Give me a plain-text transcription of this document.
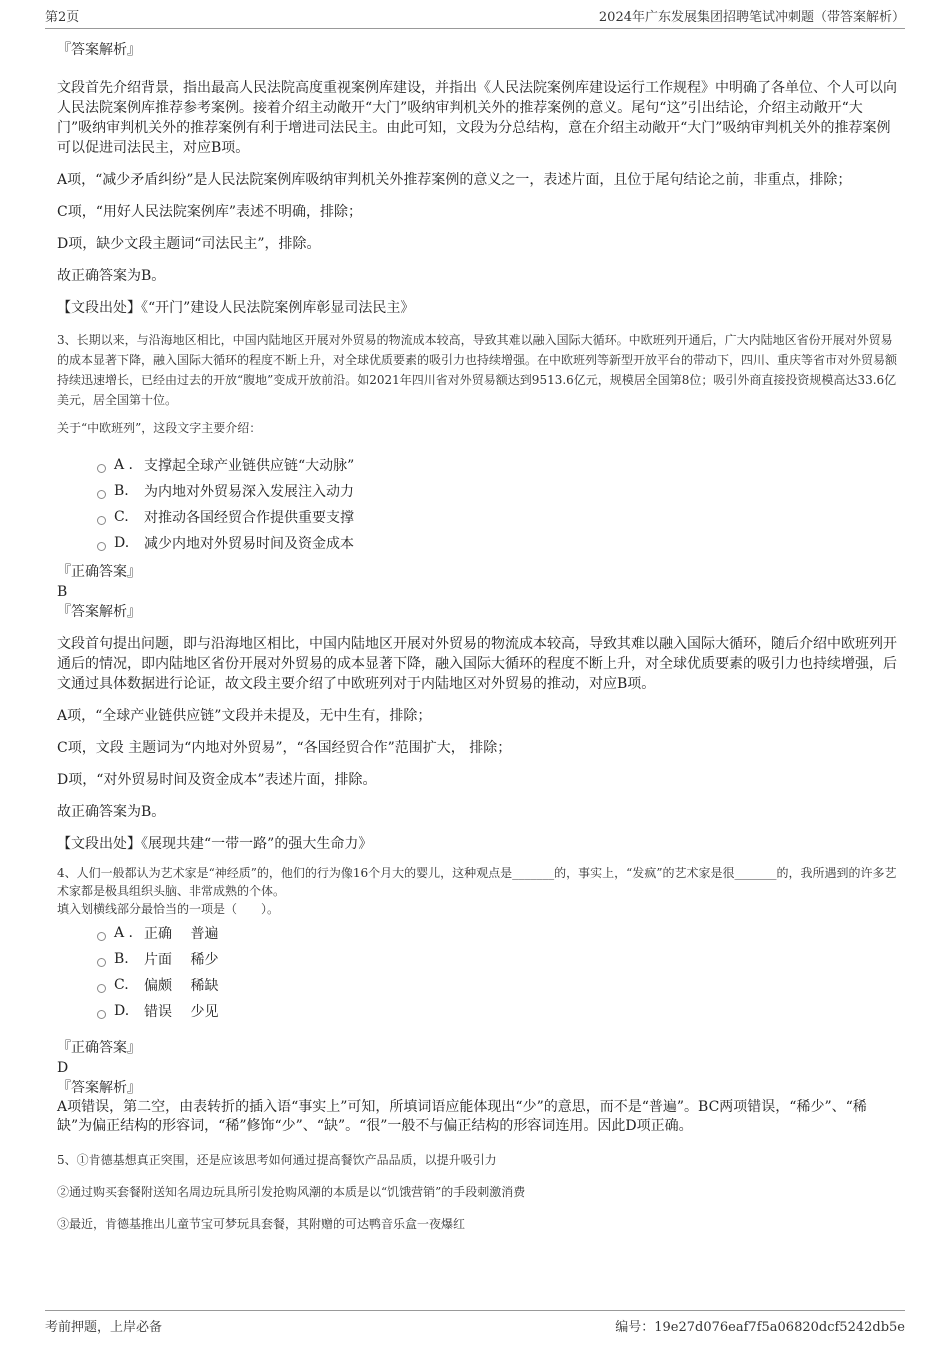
第2页	2024年广东发展集团招聘笔试冲刺题（带答案解析）

『答案解析』

文段首先介绍背景，指出最高人民法院高度重视案例库建设，并指出《人民法院案例库建设运行工作规程》中明确了各单位、个人可以向人民法院案例库推荐参考案例。接着介绍主动敞开“大门”吸纳审判机关外的推荐案例的意义。尾句“这”引出结论，介绍主动敞开“大门”吸纳审判机关外的推荐案例有利于增进司法民主。由此可知，文段为分总结构，意在介绍主动敞开“大门”吸纳审判机关外的推荐案例可以促进司法民主，对应B项。

A项，“减少矛盾纠纷”是人民法院案例库吸纳审判机关外推荐案例的意义之一，表述片面，且位于尾句结论之前，非重点，排除；

C项，“用好人民法院案例库”表述不明确，排除；

D项，缺少文段主题词“司法民主”，排除。

故正确答案为B。

【文段出处】《“开门”建设人民法院案例库彰显司法民主》

3、长期以来，与沿海地区相比，中国内陆地区开展对外贸易的物流成本较高，导致其难以融入国际大循环。中欧班列开通后，广大内陆地区省份开展对外贸易的成本显著下降，融入国际大循环的程度不断上升，对全球优质要素的吸引力也持续增强。在中欧班列等新型开放平台的带动下，四川、重庆等省市对外贸易额持续迅速增长，已经由过去的开放“腹地”变成开放前沿。如2021年四川省对外贸易额达到9513.6亿元，规模居全国第8位；吸引外商直接投资规模高达33.6亿美元，居全国第十位。

关于“中欧班列”，这段文字主要介绍：

A . 支撑起全球产业链供应链“大动脉”
B.	为内地对外贸易深入发展注入动力
C.	对推动各国经贸合作提供重要支撑
D.	减少内地对外贸易时间及资金成本

『正确答案』

B

『答案解析』

文段首句提出问题，即与沿海地区相比，中国内陆地区开展对外贸易的物流成本较高，导致其难以融入国际大循环，随后介绍中欧班列开通后的情况，即内陆地区省份开展对外贸易的成本显著下降，融入国际大循环的程度不断上升，对全球优质要素的吸引力也持续增强，后文通过具体数据进行论证，故文段主要介绍了中欧班列对于内陆地区对外贸易的推动，对应B项。

A项，“全球产业链供应链”文段并未提及，无中生有，排除；

C项，文段 主题词为“内地对外贸易”，“各国经贸合作”范围扩大， 排除；

D项，“对外贸易时间及资金成本”表述片面，排除。

故正确答案为B。

【文段出处】《展现共建“一带一路”的强大生命力》

4、人们一般都认为艺术家是“神经质”的，他们的行为像16个月大的婴儿，这种观点是_______的，事实上，“发疯”的艺术家是很_______的，我所遇到的许多艺术家都是极具组织头脑、非常成熟的个体。

填入划横线部分最恰当的一项是（　　）。

A . 正确　 普遍
B.	片面　 稀少
C.	偏颇　 稀缺
D.	错误　 少见

『正确答案』

D

『答案解析』

A项错误，第二空，由表转折的插入语“事实上”可知，所填词语应能体现出“少”的意思，而不是“普遍”。BC两项错误，“稀少”、“稀缺”为偏正结构的形容词，“稀”修饰“少”、“缺”。“很”一般不与偏正结构的形容词连用。因此D项正确。

5、①肯德基想真正突围，还是应该思考如何通过提高餐饮产品品质，以提升吸引力

②通过购买套餐附送知名周边玩具所引发抢购风潮的本质是以“饥饿营销”的手段刺激消费

③最近，肯德基推出儿童节宝可梦玩具套餐，其附赠的可达鸭音乐盒一夜爆红

考前押题，上岸必备	编号：19e27d076eaf7f5a06820dcf5242db5e
